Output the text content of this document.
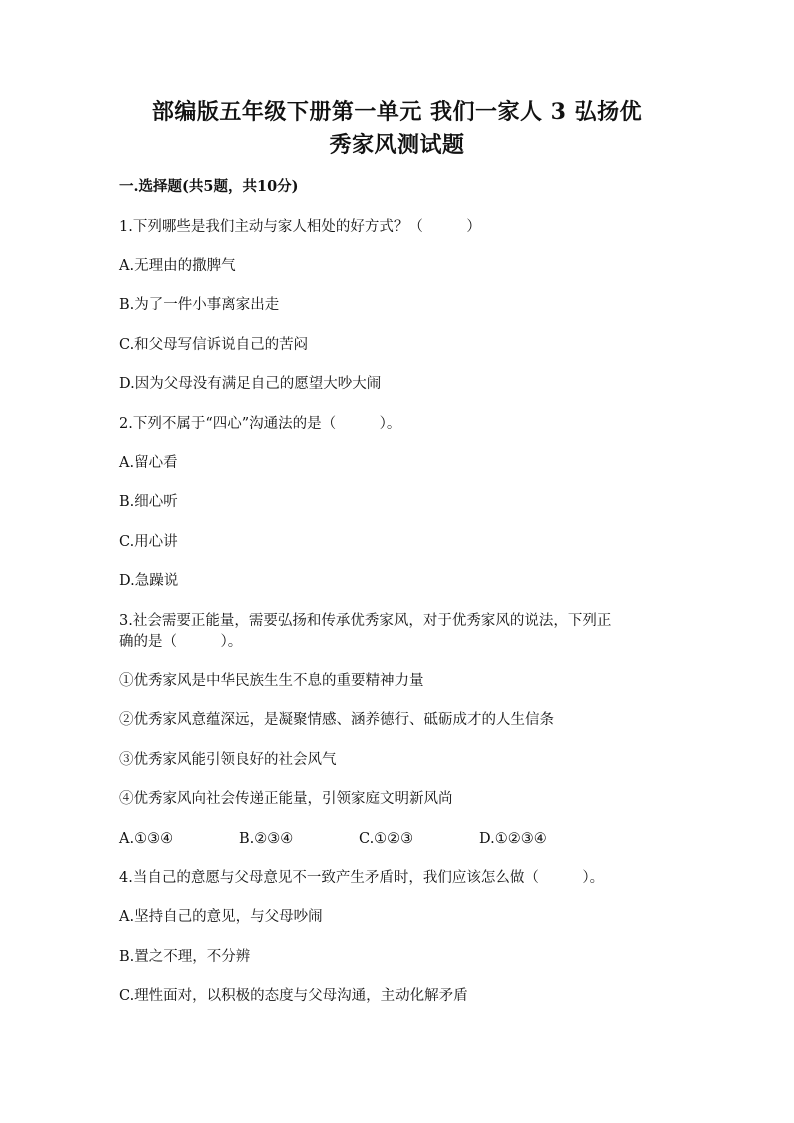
部编版五年级下册第一单元 我们一家人 3 弘扬优
秀家风测试题
一.选择题(共5题，共10分)
1.下列哪些是我们主动与家人相处的好方式？（　　　）
A.无理由的撒脾气
B.为了一件小事离家出走
C.和父母写信诉说自己的苦闷
D.因为父母没有满足自己的愿望大吵大闹
2.下列不属于“四心”沟通法的是（　　　）。
A.留心看
B.细心听
C.用心讲
D.急躁说
3.社会需要正能量，需要弘扬和传承优秀家风，对于优秀家风的说法，下列正
确的是（　　　）。
①优秀家风是中华民族生生不息的重要精神力量
②优秀家风意蕴深远，是凝聚情感、涵养德行、砥砺成才的人生信条
③优秀家风能引领良好的社会风气
④优秀家风向社会传递正能量，引领家庭文明新风尚
A.①③④	B.②③④	C.①②③	D.①②③④
4.当自己的意愿与父母意见不一致产生矛盾时，我们应该怎么做（　　　）。
A.坚持自己的意见，与父母吵闹
B.置之不理，不分辨
C.理性面对，以积极的态度与父母沟通，主动化解矛盾
